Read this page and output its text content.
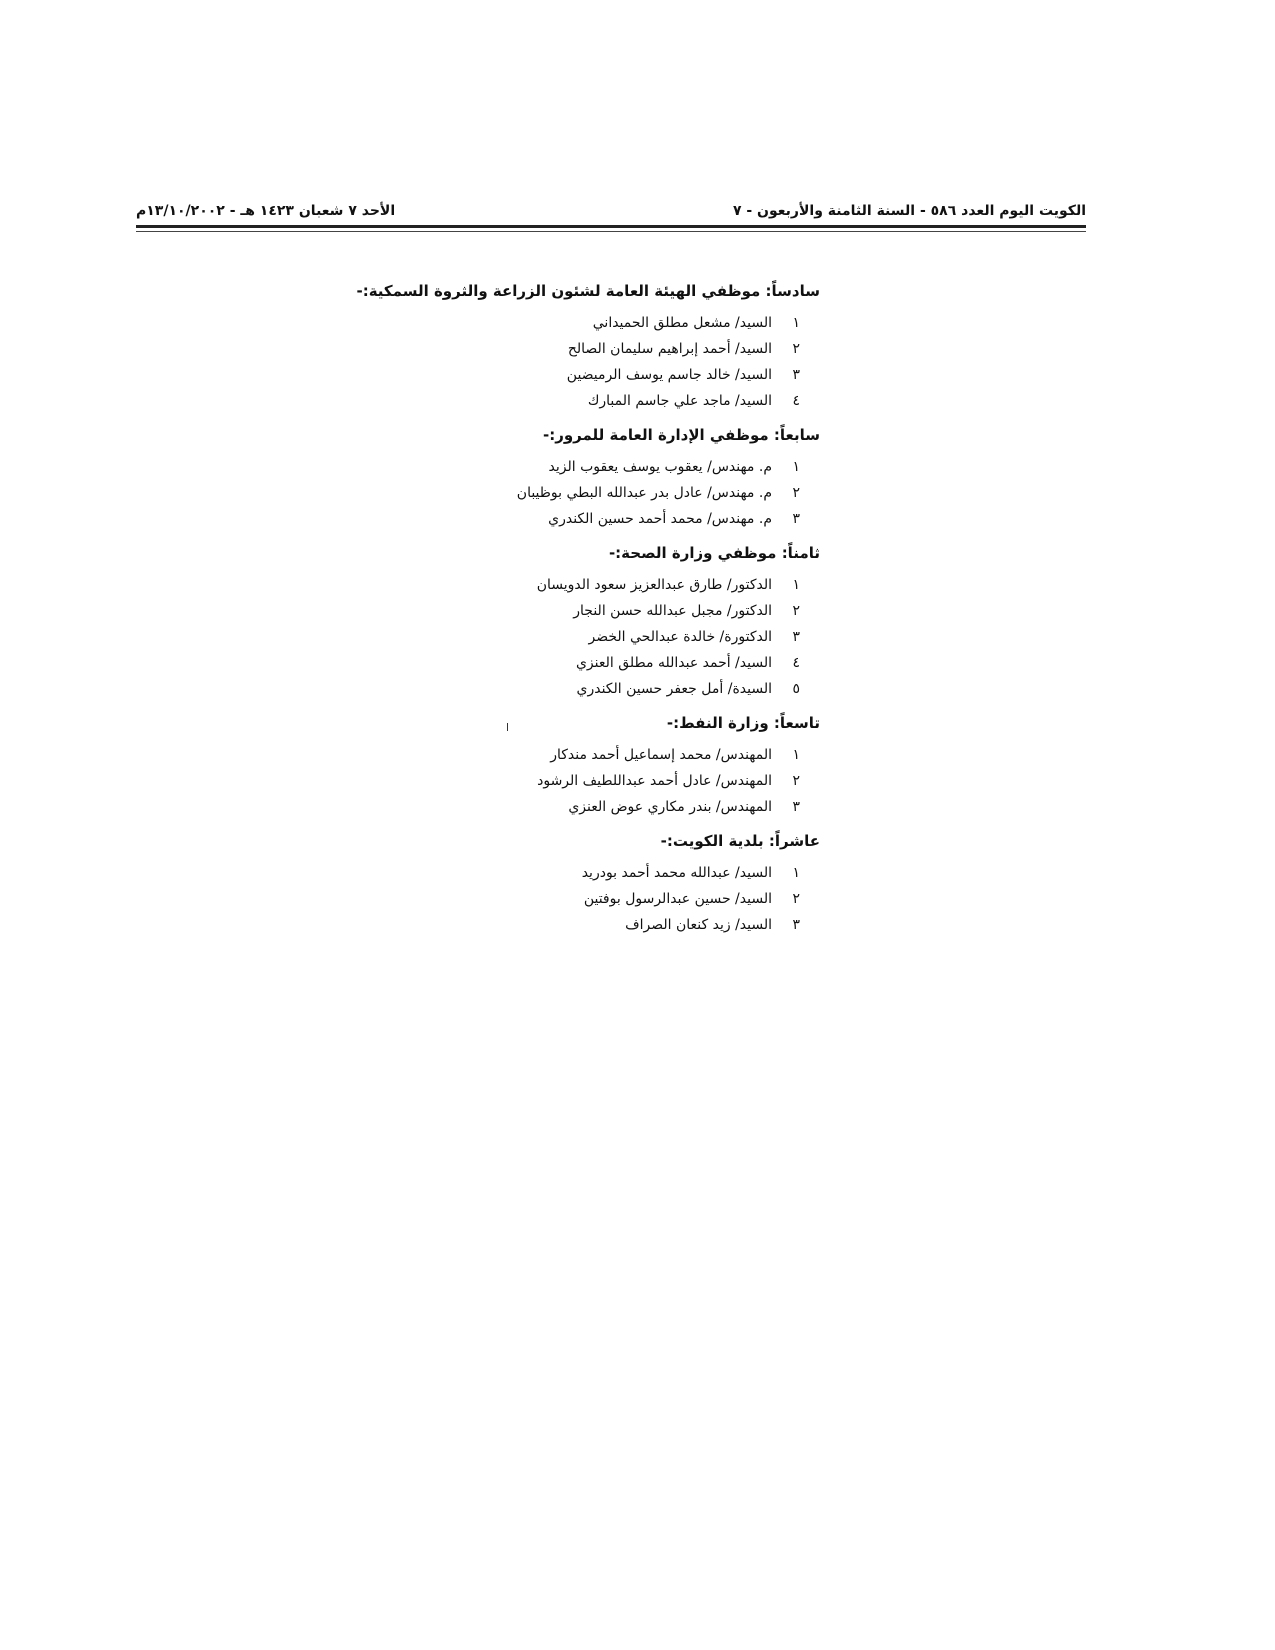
الكويت اليوم العدد ٥٨٦ - السنة الثامنة والأربعون - ٧
الأحد ٧ شعبان ١٤٢٣ هـ - ١٣/١٠/٢٠٠٢م
سادساً: موظفي الهيئة العامة لشئون الزراعة والثروة السمكية:-
١السيد/ مشعل مطلق الحميداني
٢السيد/ أحمد إبراهيم سليمان الصالح
٣السيد/ خالد جاسم يوسف الرميضين
٤السيد/ ماجد علي جاسم المبارك
سابعاً: موظفي الإدارة العامة للمرور:-
١م. مهندس/ يعقوب يوسف يعقوب الزيد
٢م. مهندس/ عادل بدر عبدالله البطي بوظيبان
٣م. مهندس/ محمد أحمد حسين الكندري
ثامناً: موظفي وزارة الصحة:-
١الدكتور/ طارق عبدالعزيز سعود الدويسان
٢الدكتور/ مجبل عبدالله حسن النجار
٣الدكتورة/ خالدة عبدالحي الخضر
٤السيد/ أحمد عبدالله مطلق العنزي
٥السيدة/ أمل جعفر حسين الكندري
تاسعاً: وزارة النفط:-
١المهندس/ محمد إسماعيل أحمد مندكار
٢المهندس/ عادل أحمد عبداللطيف الرشود
٣المهندس/ بندر مكاري عوض العنزي
عاشراً: بلدية الكويت:-
١السيد/ عبدالله محمد أحمد بودريد
٢السيد/ حسين عبدالرسول بوفتين
٣السيد/ زيد كنعان الصراف
